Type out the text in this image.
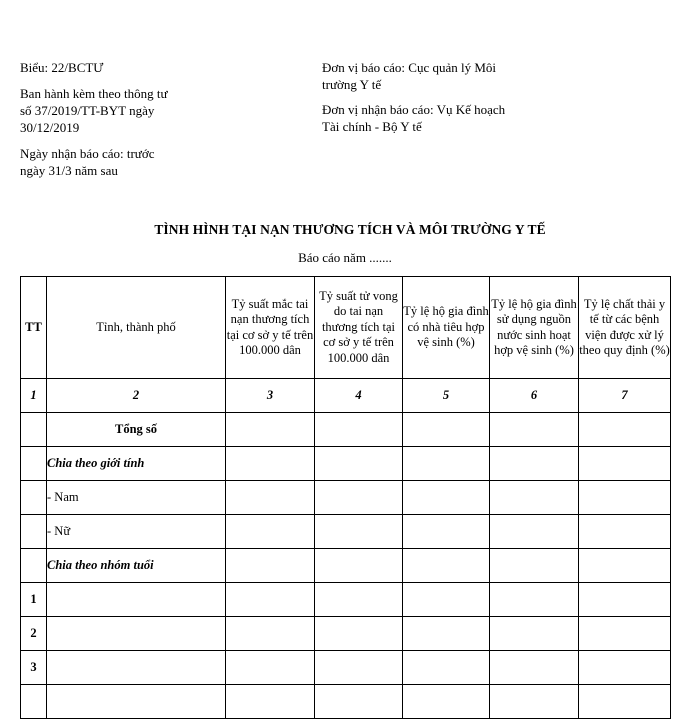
Biểu: 22/BCTƯ
Ban hành kèm theo thông tư
số 37/2019/TT-BYT ngày
30/12/2019
Ngày nhận báo cáo: trước
ngày 31/3 năm sau
Đơn vị báo cáo: Cục quản lý Môi
trường Y tế
Đơn vị nhận báo cáo: Vụ Kế hoạch
Tài chính - Bộ Y tế
TÌNH HÌNH TẠI NẠN THƯƠNG TÍCH VÀ MÔI TRƯỜNG Y TẾ
Báo cáo năm .......
TT	Tỉnh, thành phố	Tỷ suất mắc tai nạn thương tích tại cơ sở y tế trên 100.000 dân	Tỷ suất tử vong do tai nạn thương tích tại cơ sở y tế trên 100.000 dân	Tỷ lệ hộ gia đình có nhà tiêu hợp vệ sinh (%)	Tỷ lệ hộ gia đình sử dụng nguồn nước sinh hoạt hợp vệ sinh (%)	Tỷ lệ chất thải y tế từ các bệnh viện được xử lý theo quy định (%)
1	2	3	4	5	6	7
	Tổng số					
	Chia theo giới tính					
	- Nam					
	- Nữ					
	Chia theo nhóm tuổi					
1						
2						
3						
